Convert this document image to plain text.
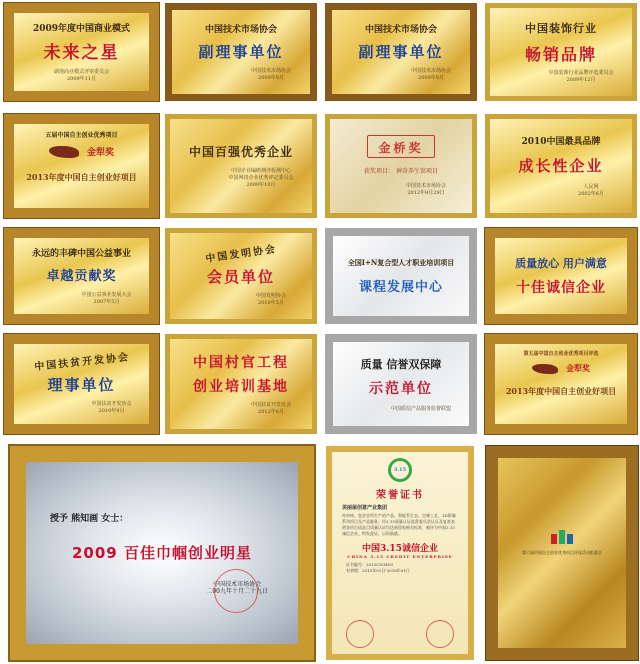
2009年度中国商业模式
未来之星
副地商业模式评审委员会
2009年11月
中国技术市场协会
副理事单位
中国技术市场协会
2009年9月
中国技术市场协会
副理事单位
中国技术市场协会
2009年9月
中国装饰行业
畅销品牌
中国装饰行业品牌评选委员会
2009年12月
五届中国自主创业优秀项目
金犁奖
2013年度中国自主创业好项目
中国百强优秀企业
中国企业编研测评检测中心
中国网络企业优秀评定委员会
2009年10月
金桥奖
获奖项目： 神奇养生馆项目
中国技术市场协会
2012年8月29日
2010中国最具品牌
成长性企业
人民网
2002年6月
永远的丰碑中国公益事业
卓越贡献奖
中国公益事业发展大会
2007年5月
中国发明协会
会员单位
中国发明协会
2010年5月
全国I+N复合型人才职业培训项目
课程发展中心
质量放心 用户满意
十佳诚信企业
中国扶贫开发协会
理事单位
中国扶贫开发协会
2010年9月
中国村官工程
创业培训基地
中国扶贫开发协会
2012年6月
质量 信誉双保障
示范单位
中国质信产品服务监督联盟
第五届中国自主创业优秀项目评选
金犁奖
2013年度中国自主创业好项目
授予 熊知画 女士：
2009 百佳巾帼创业明星
中国技术市场协会
二00九年十月二十九日
3.15
荣誉证书
美丽屋创意产业集团
经审核，您企业所生产的产品，智能系生态、定制工艺、3D影像系列项目及产品服务，经3.15质量认证监督委员会认证及复查表明各项自质品目质量认证均达到国家相关标准，被评为中国3.15诚信企业。特发此证，以资鼓励。
中国3.15诚信企业
CHINA 3.15 CREDIT ENTERPRISE
证书编号：2015CN3409
有效期：2015年01日-2016年01日
第六届中国自主创业优秀项目评选活动组委会
